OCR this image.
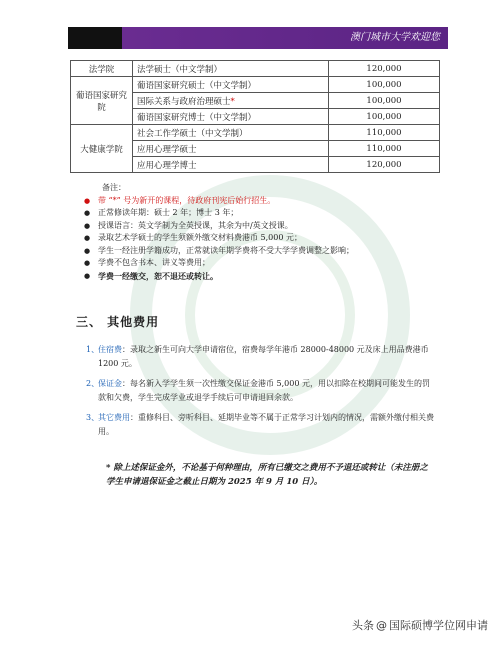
澳门城市大学欢迎您
法学院	法学硕士（中文学制）	120,000
葡语国家研究院	葡语国家研究硕士（中文学制）	100,000
	国际关系与政府治理硕士*	100,000
	葡语国家研究博士（中文学制）	100,000
大健康学院	社会工作学硕士（中文学制）	110,000
	应用心理学硕士	110,000
	应用心理学博士	120,000
备注：
● 带 “*” 号为新开的课程，待政府刊宪后始行招生。
● 正常修读年期：硕士 2 年；博士 3 年；
● 授课语言：英文学制为全英授课，其余为中/英文授课。
● 录取艺术学硕士的学生须额外缴交材料费港币 5,000 元；
● 学生一经注册学籍成功，正常就读年期学费将不受大学学费调整之影响；
● 学费不包含书本、讲义等费用；
● 学费一经缴交，恕不退还或转让。
三、 其他费用
1、
住宿费：录取之新生可向大学申请宿位，宿费每学年港币 28000-48000 元及床上用品费港币 1200 元。
2、
保证金：每名新入学学生须一次性缴交保证金港币 5,000 元，用以扣除在校期间可能发生的罚款和欠费，学生完成学业或退学手续后可申请退回余款。
3、
其它费用：重修科目、旁听科目、延期毕业等不属于正常学习计划内的情况，需额外缴付相关费用。
* 除上述保证金外，不论基于何种理由，所有已缴交之费用不予退还或转让（未注册之学生申请退保证金之截止日期为 2025 年 9 月 10 日）。
头条 @ 国际硕博学位网申请
